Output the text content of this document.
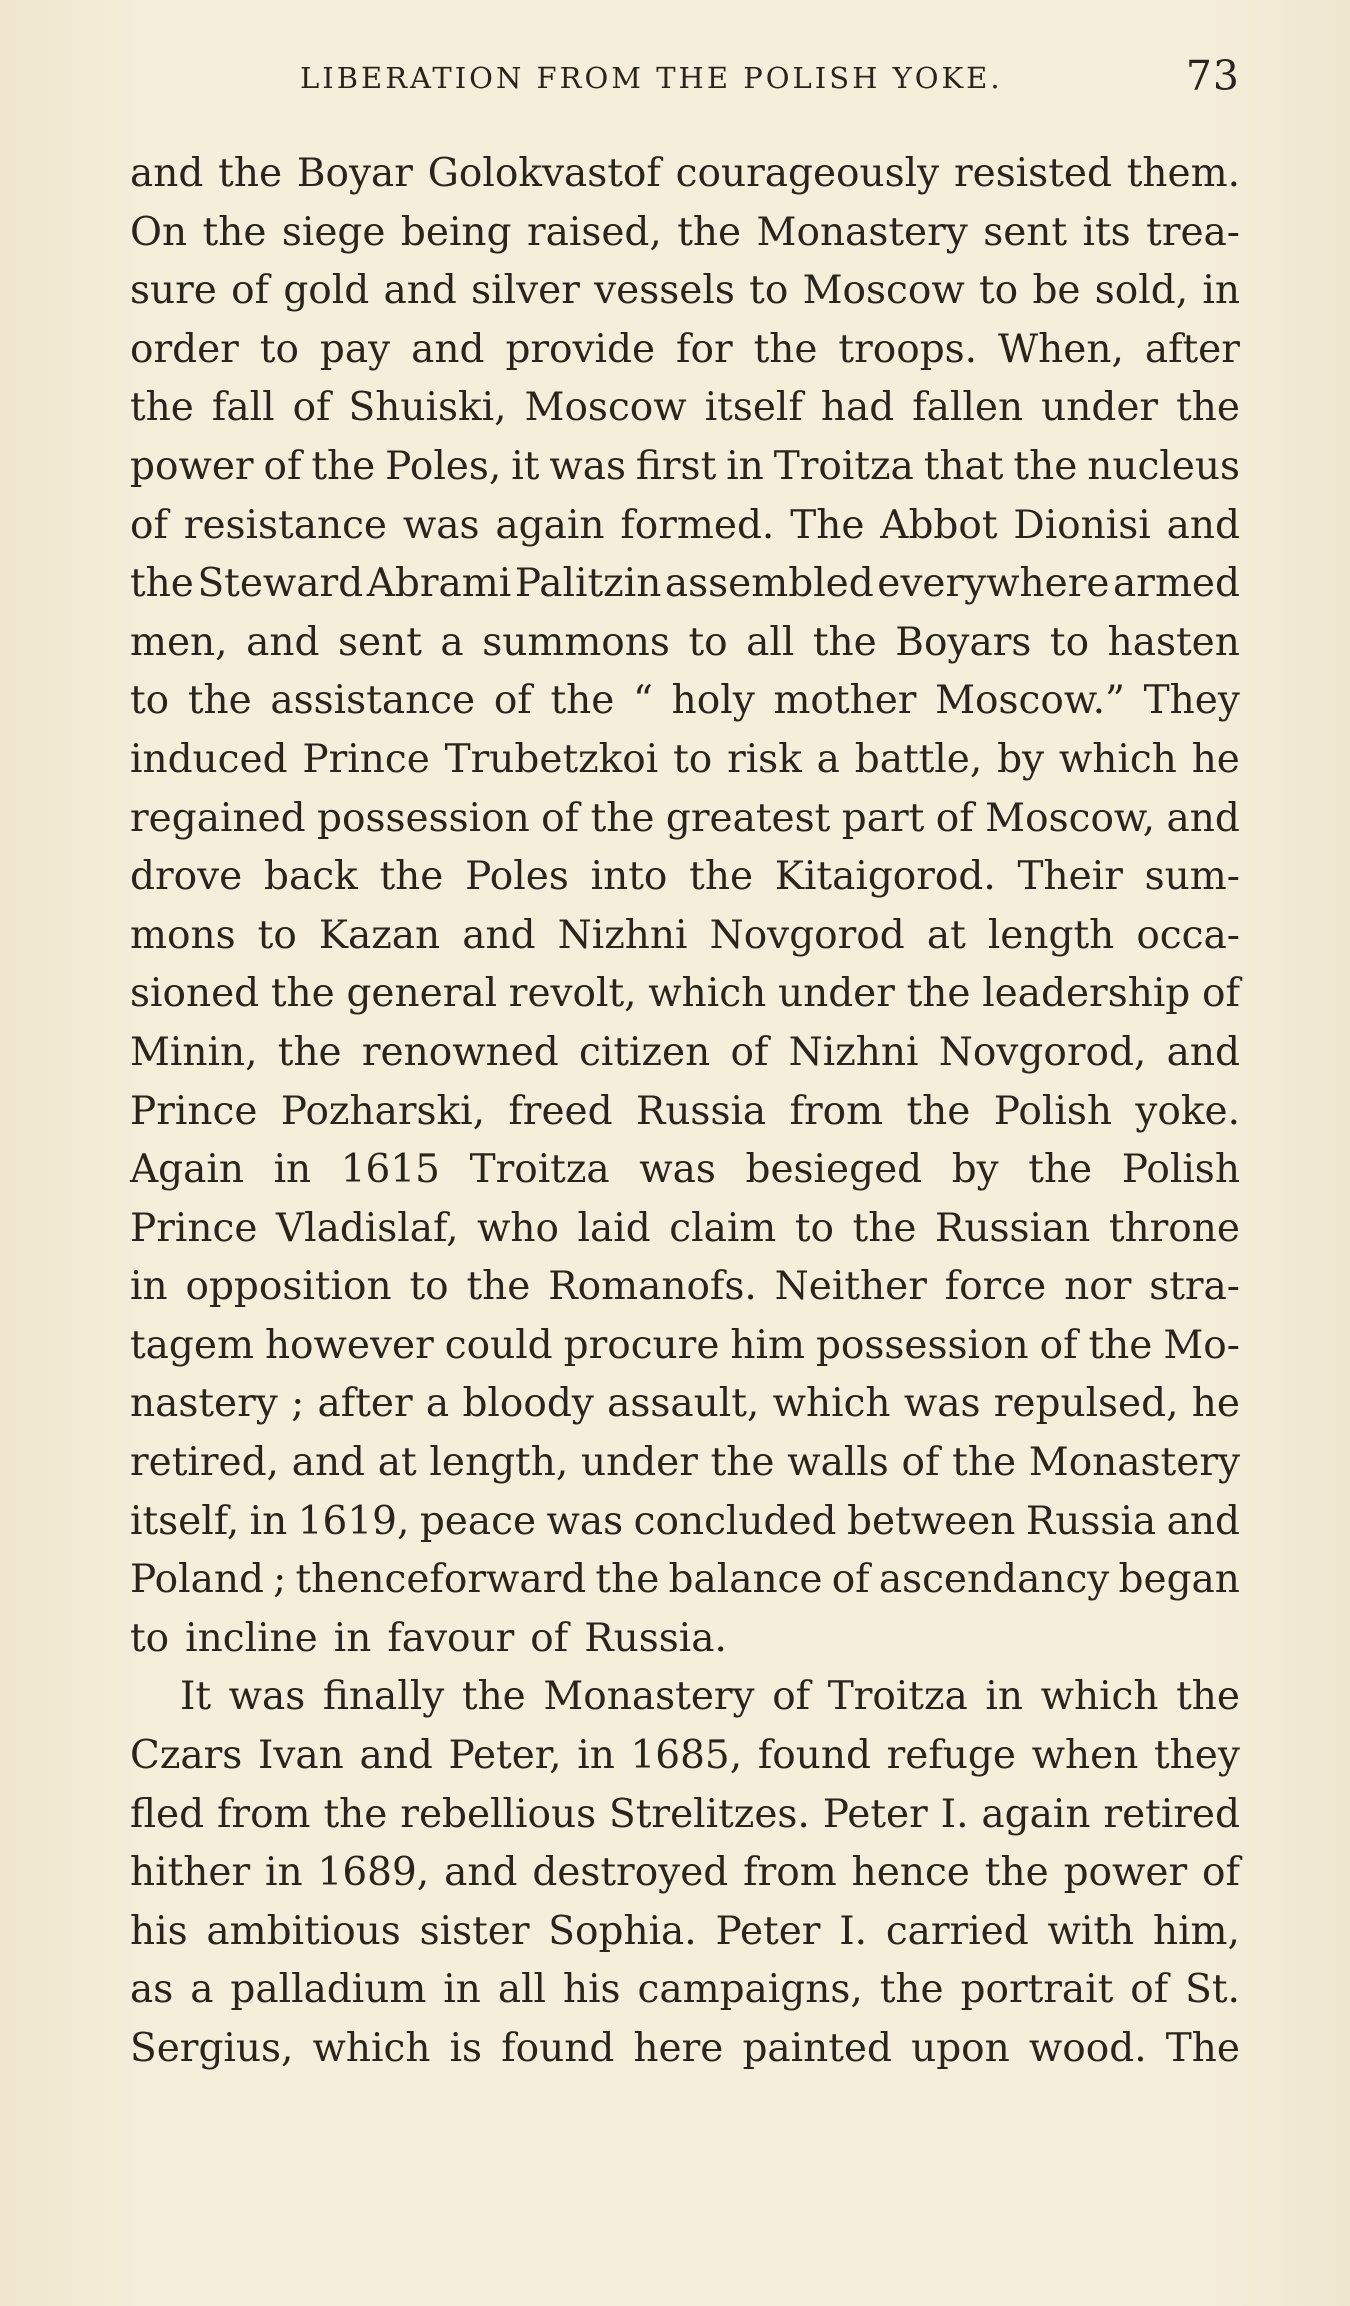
LIBERATION FROM THE POLISH YOKE.	73
and the Boyar Golokvastof courageously resisted them.
On the siege being raised, the Monastery sent its trea-
sure of gold and silver vessels to Moscow to be sold, in
order to pay and provide for the troops. When, after
the fall of Shuiski, Moscow itself had fallen under the
power of the Poles, it was first in Troitza that the nucleus
of resistance was again formed. The Abbot Dionisi and
the Steward Abrami Palitzin assembled everywhere armed
men, and sent a summons to all the Boyars to hasten
to the assistance of the “ holy mother Moscow.” They
induced Prince Trubetzkoi to risk a battle, by which he
regained possession of the greatest part of Moscow, and
drove back the Poles into the Kitaigorod. Their sum-
mons to Kazan and Nizhni Novgorod at length occa-
sioned the general revolt, which under the leadership of
Minin, the renowned citizen of Nizhni Novgorod, and
Prince Pozharski, freed Russia from the Polish yoke.
Again in 1615 Troitza was besieged by the Polish
Prince Vladislaf, who laid claim to the Russian throne
in opposition to the Romanofs. Neither force nor stra-
tagem however could procure him possession of the Mo-
nastery ; after a bloody assault, which was repulsed, he
retired, and at length, under the walls of the Monastery
itself, in 1619, peace was concluded between Russia and
Poland ; thenceforward the balance of ascendancy began
to incline in favour of Russia.
It was finally the Monastery of Troitza in which the
Czars Ivan and Peter, in 1685, found refuge when they
fled from the rebellious Strelitzes. Peter I. again retired
hither in 1689, and destroyed from hence the power of
his ambitious sister Sophia. Peter I. carried with him,
as a palladium in all his campaigns, the portrait of St.
Sergius, which is found here painted upon wood. The
